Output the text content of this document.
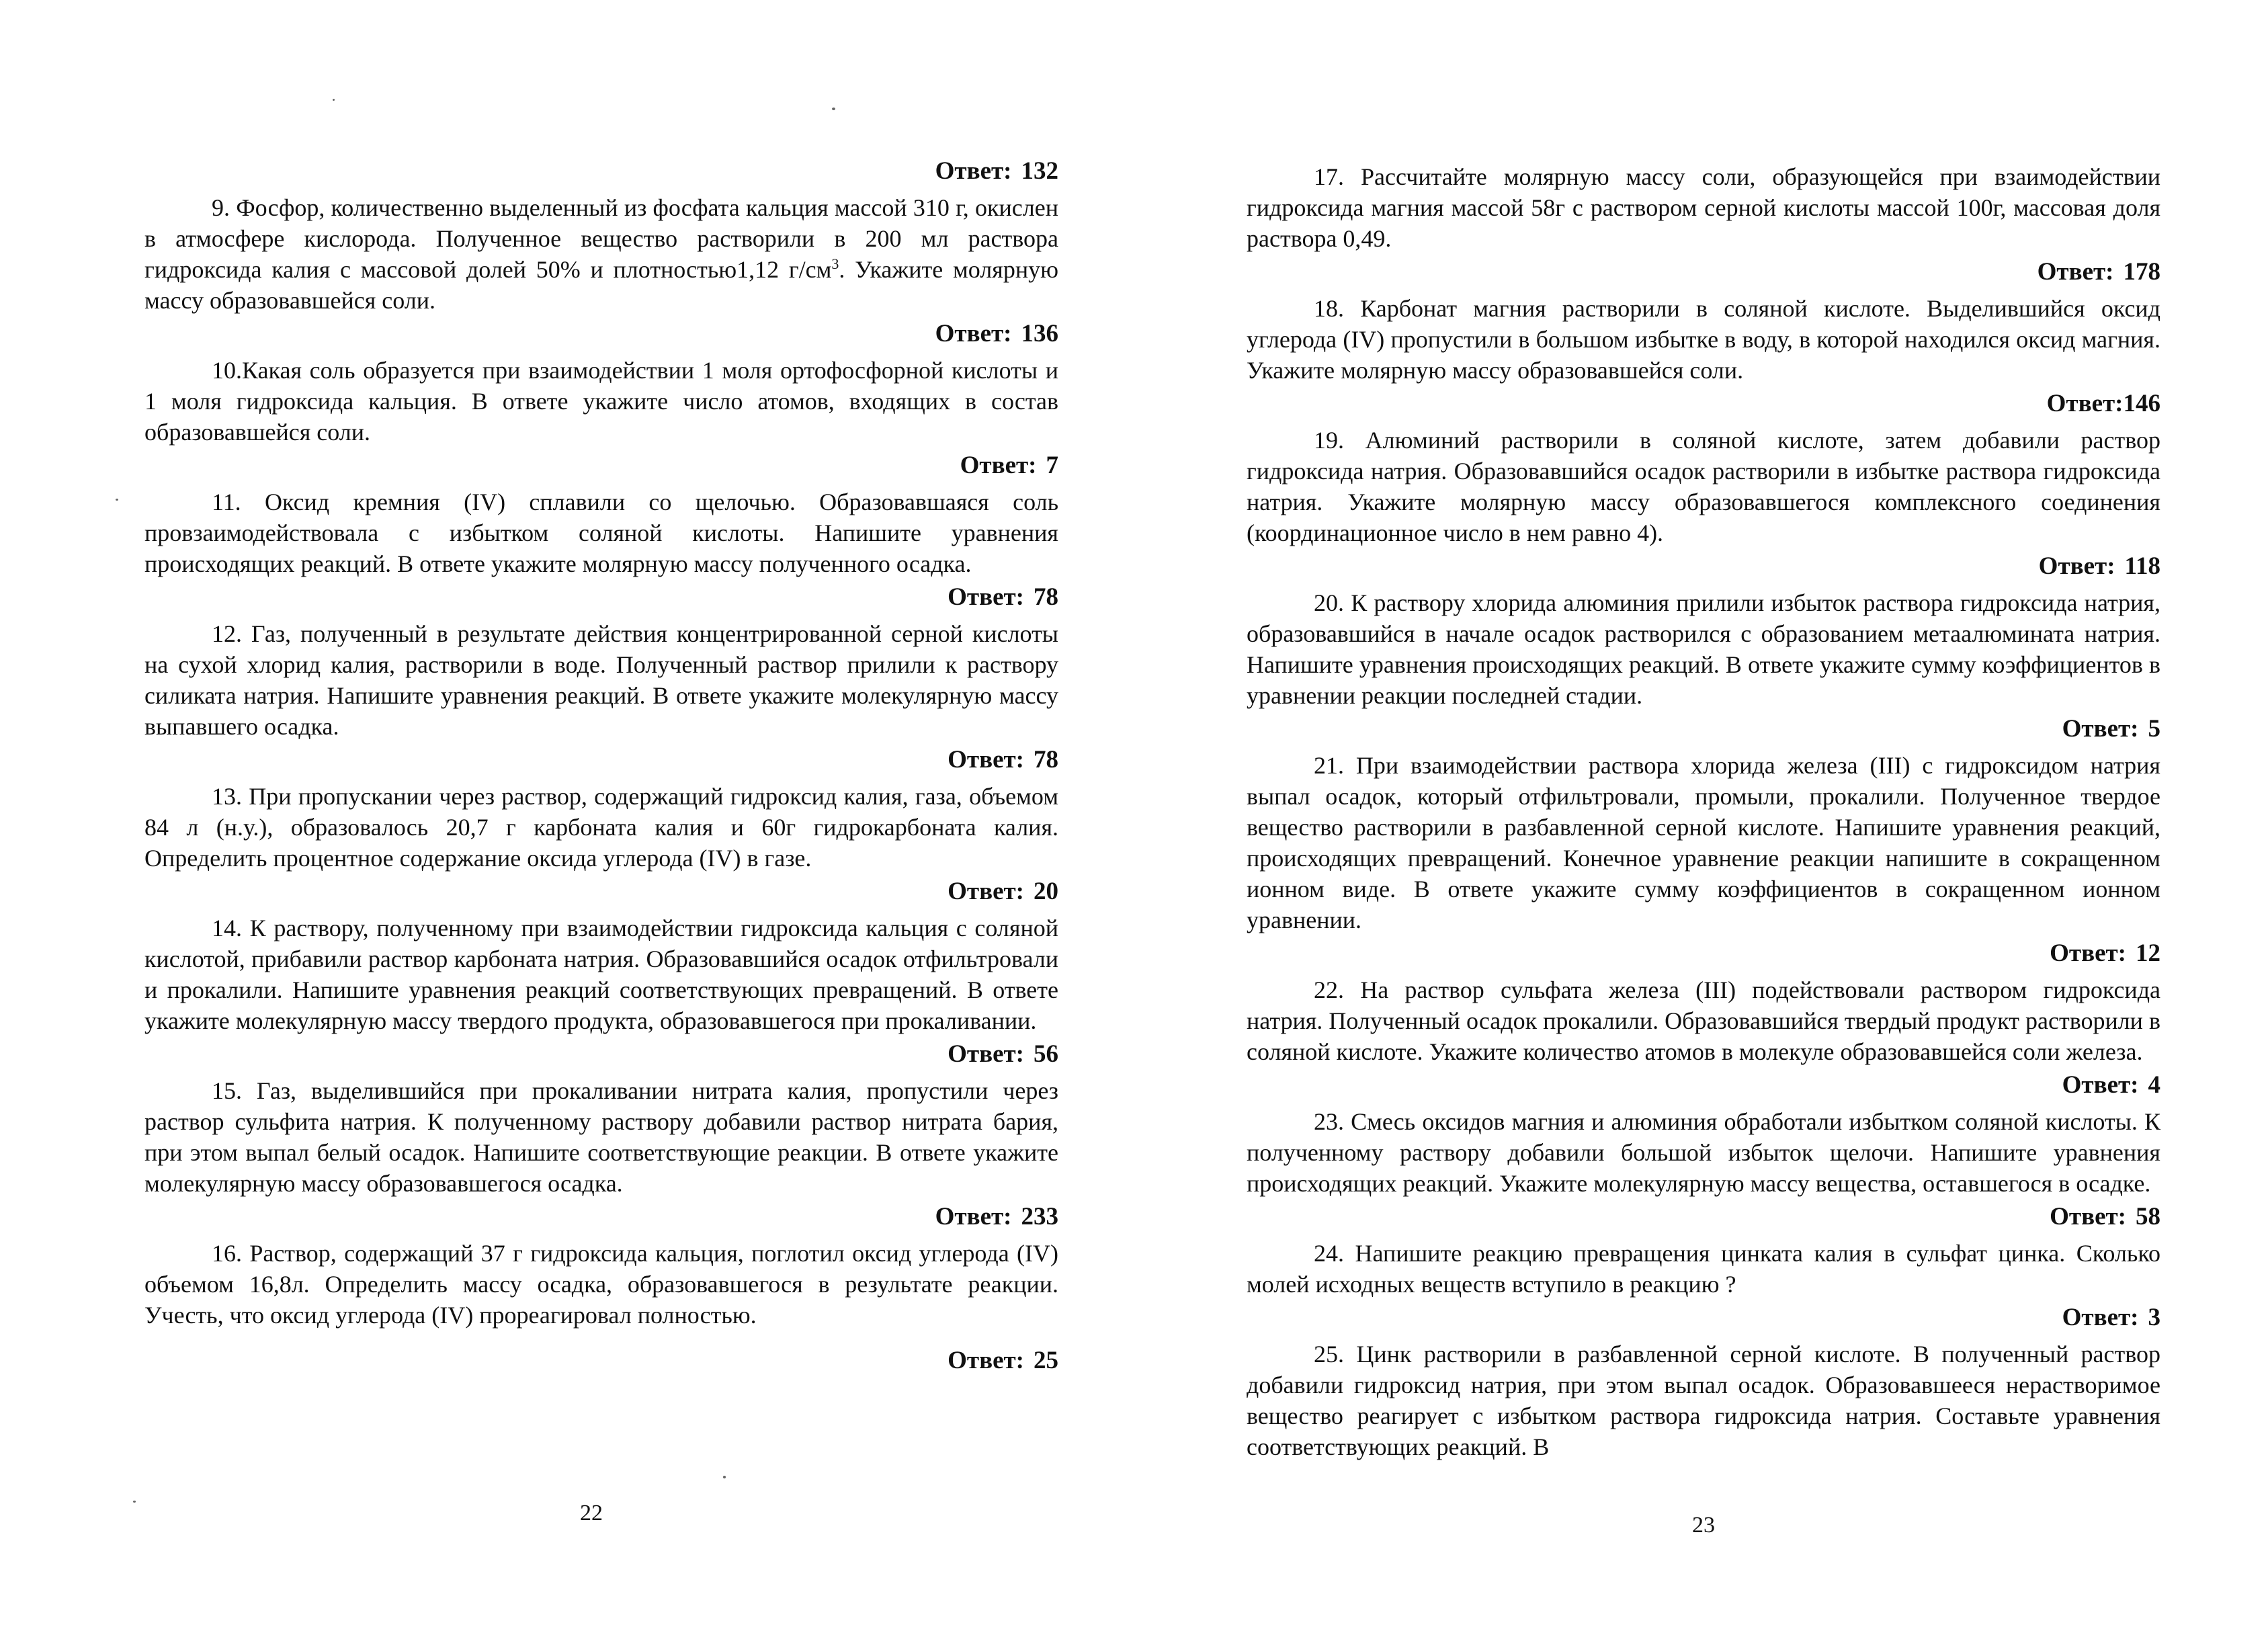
Ответ: 132

9. Фосфор, количественно выделенный из фосфата кальция массой 310 г, окислен в атмосфере кислорода. Полученное вещество растворили в 200 мл раствора гидроксида калия с массовой долей 50% и плотностью1,12 $г/см^3$. Укажите молярную массу образовавшейся соли.

Ответ: 136

10.Какая соль образуется при взаимодействии 1 моля ортофосфорной кислоты и 1 моля гидроксида кальция. В ответе укажите число атомов, входящих в состав образовавшейся соли.

Ответ: 7

11. Оксид кремния (IV) сплавили со щелочью. Образовавшаяся соль провзаимодействовала с избытком соляной кислоты. Напишите уравнения происходящих реакций. В ответе укажите молярную массу полученного осадка.

Ответ: 78

12. Газ, полученный в результате действия концентрированной серной кислоты на сухой хлорид калия, растворили в воде. Полученный раствор прилили к раствору силиката натрия. Напишите уравнения реакций. В ответе укажите молекулярную массу выпавшего осадка.

Ответ: 78

13. При пропускании через раствор, содержащий гидроксид калия, газа, объемом 84 л (н.у.), образовалось 20,7 г карбоната калия и 60г гидрокарбоната калия. Определить процентное содержание оксида углерода (IV) в газе.

Ответ: 20

14. К раствору, полученному при взаимодействии гидроксида кальция с соляной кислотой, прибавили раствор карбоната натрия. Образовавшийся осадок отфильтровали и прокалили. Напишите уравнения реакций соответствующих превращений. В ответе укажите молекулярную массу твердого продукта, образовавшегося при прокаливании.

Ответ: 56

15. Газ, выделившийся при прокаливании нитрата калия, пропустили через раствор сульфита натрия. К полученному раствору добавили раствор нитрата бария, при этом выпал белый осадок. Напишите соответствующие реакции. В ответе укажите молекулярную массу образовавшегося осадка.

Ответ: 233

16. Раствор, содержащий 37 г гидроксида кальция, поглотил оксид углерода (IV) объемом 16,8л. Определить массу осадка, образовавшегося в результате реакции. Учесть, что оксид углерода (IV) прореагировал полностью.

Ответ: 25
22

17. Рассчитайте молярную массу соли, образующейся при взаимодействии гидроксида магния массой 58г с раствором серной кислоты массой 100г, массовая доля раствора 0,49.

Ответ: 178

18. Карбонат магния растворили в соляной кислоте. Выделившийся оксид углерода (IV) пропустили в большом избытке в воду, в которой находился оксид магния. Укажите молярную массу образовавшейся соли.

Ответ:146

19. Алюминий растворили в соляной кислоте, затем добавили раствор гидроксида натрия. Образовавшийся осадок растворили в избытке раствора гидроксида натрия. Укажите молярную массу образовавшегося комплексного соединения (координационное число в нем равно 4).

Ответ: 118

20. К раствору хлорида алюминия прилили избыток раствора гидроксида натрия, образовавшийся в начале осадок растворился с образованием метаалюмината натрия. Напишите уравнения происходящих реакций. В ответе укажите сумму коэффициентов в уравнении реакции последней стадии.

Ответ: 5

21. При взаимодействии раствора хлорида железа (III) с гидроксидом натрия выпал осадок, который отфильтровали, промыли, прокалили. Полученное твердое вещество растворили в разбавленной серной кислоте. Напишите уравнения реакций, происходящих превращений. Конечное уравнение реакции напишите в сокращенном ионном виде. В ответе укажите сумму коэффициентов в сокращенном ионном уравнении.

Ответ: 12

22. На раствор сульфата железа (III) подействовали раствором гидроксида натрия. Полученный осадок прокалили. Образовавшийся твердый продукт растворили в соляной кислоте. Укажите количество атомов в молекуле образовавшейся соли железа.

Ответ: 4

23. Смесь оксидов магния и алюминия обработали избытком соляной кислоты. К полученному раствору добавили большой избыток щелочи. Напишите уравнения происходящих реакций. Укажите молекулярную массу вещества, оставшегося в осадке.

Ответ: 58

24. Напишите реакцию превращения цинката калия в сульфат цинка. Сколько молей исходных веществ вступило в реакцию ?

Ответ: 3

25. Цинк растворили в разбавленной серной кислоте. В полученный раствор добавили гидроксид натрия, при этом выпал осадок. Образовавшееся нерастворимое вещество реагирует с избытком раствора гидроксида натрия. Составьте уравнения соответствующих реакций. В

23
